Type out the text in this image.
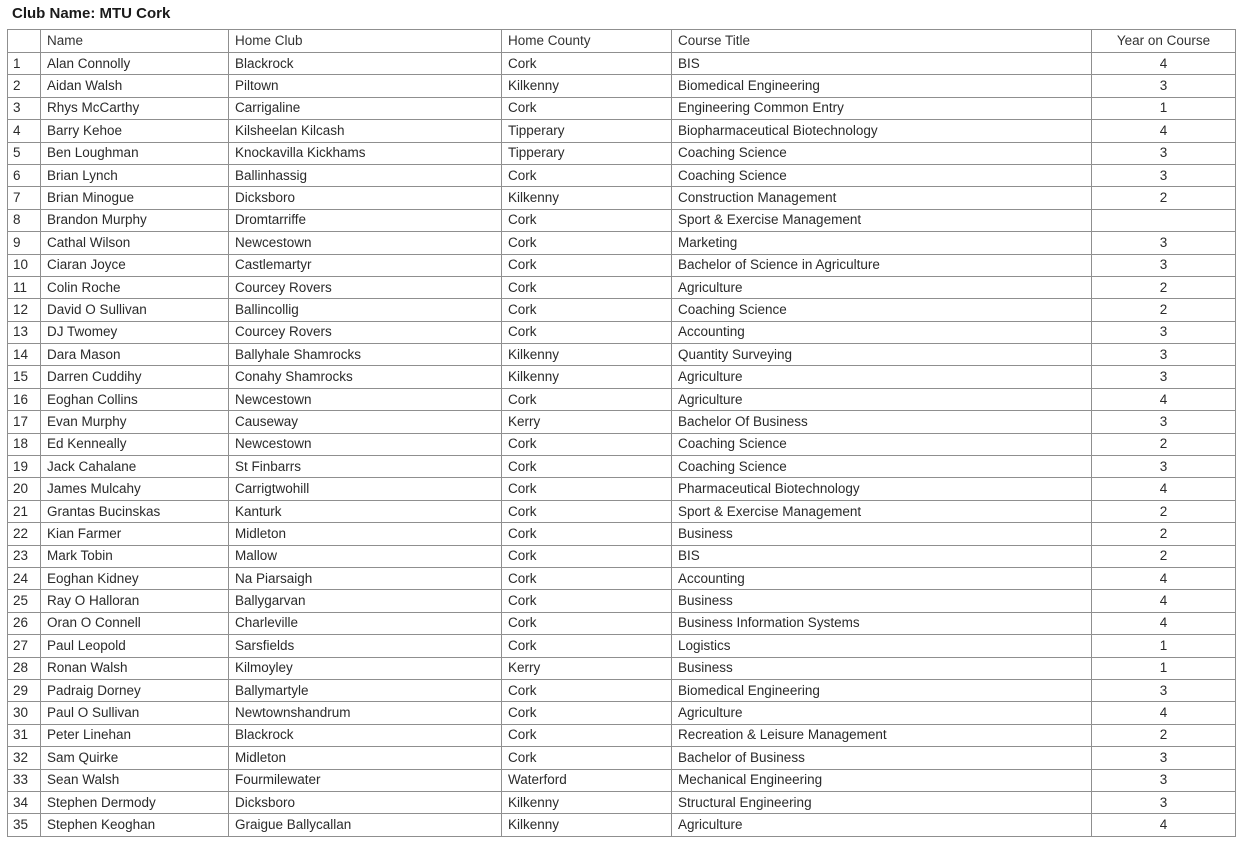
Club Name: MTU Cork
	Name	Home Club	Home County	Course Title	Year on Course
1	Alan Connolly	Blackrock	Cork	BIS	4
2	Aidan Walsh	Piltown	Kilkenny	Biomedical Engineering	3
3	Rhys McCarthy	Carrigaline	Cork	Engineering Common Entry	1
4	Barry Kehoe	Kilsheelan Kilcash	Tipperary	Biopharmaceutical Biotechnology	4
5	Ben Loughman	Knockavilla Kickhams	Tipperary	Coaching Science	3
6	Brian Lynch	Ballinhassig	Cork	Coaching Science	3
7	Brian Minogue	Dicksboro	Kilkenny	Construction Management	2
8	Brandon Murphy	Dromtarriffe	Cork	Sport & Exercise Management	
9	Cathal Wilson	Newcestown	Cork	Marketing	3
10	Ciaran Joyce	Castlemartyr	Cork	Bachelor of Science in Agriculture	3
11	Colin Roche	Courcey Rovers	Cork	Agriculture	2
12	David O Sullivan	Ballincollig	Cork	Coaching Science	2
13	DJ Twomey	Courcey Rovers	Cork	Accounting	3
14	Dara Mason	Ballyhale Shamrocks	Kilkenny	Quantity Surveying	3
15	Darren Cuddihy	Conahy Shamrocks	Kilkenny	Agriculture	3
16	Eoghan Collins	Newcestown	Cork	Agriculture	4
17	Evan Murphy	Causeway	Kerry	Bachelor Of Business	3
18	Ed Kenneally	Newcestown	Cork	Coaching Science	2
19	Jack Cahalane	St Finbarrs	Cork	Coaching Science	3
20	James Mulcahy	Carrigtwohill	Cork	Pharmaceutical Biotechnology	4
21	Grantas Bucinskas	Kanturk	Cork	Sport & Exercise Management	2
22	Kian Farmer	Midleton	Cork	Business	2
23	Mark Tobin	Mallow	Cork	BIS	2
24	Eoghan Kidney	Na Piarsaigh	Cork	Accounting	4
25	Ray O Halloran	Ballygarvan	Cork	Business	4
26	Oran O Connell	Charleville	Cork	Business Information Systems	4
27	Paul Leopold	Sarsfields	Cork	Logistics	1
28	Ronan Walsh	Kilmoyley	Kerry	Business	1
29	Padraig Dorney	Ballymartyle	Cork	Biomedical Engineering	3
30	Paul O Sullivan	Newtownshandrum	Cork	Agriculture	4
31	Peter Linehan	Blackrock	Cork	Recreation & Leisure Management	2
32	Sam Quirke	Midleton	Cork	Bachelor of Business	3
33	Sean Walsh	Fourmilewater	Waterford	Mechanical Engineering	3
34	Stephen Dermody	Dicksboro	Kilkenny	Structural Engineering	3
35	Stephen Keoghan	Graigue Ballycallan	Kilkenny	Agriculture	4
